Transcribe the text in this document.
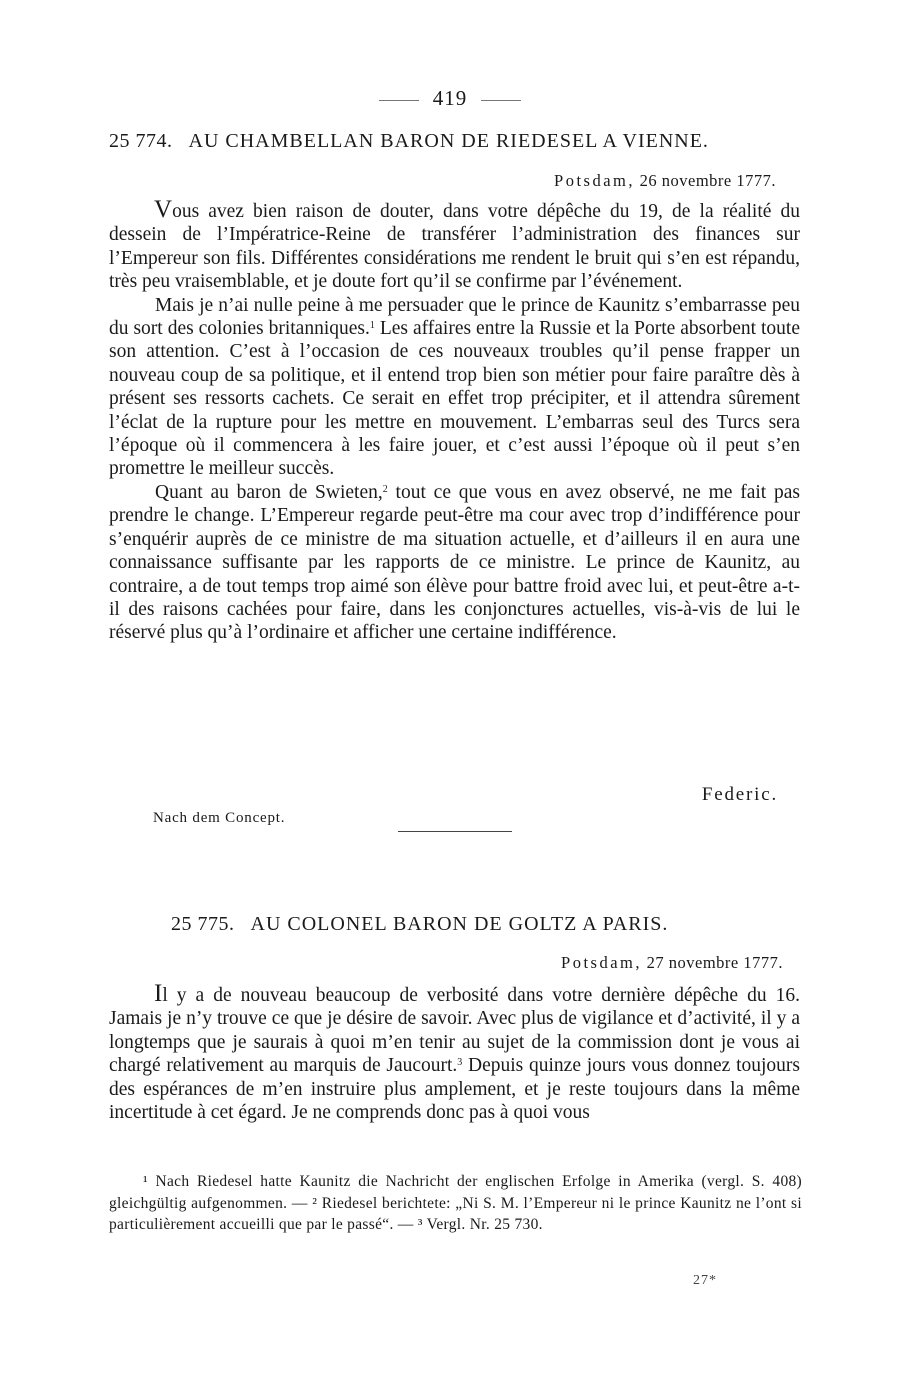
419
25 774. AU CHAMBELLAN BARON DE RIEDESEL A VIENNE.
Potsdam, 26 novembre 1777.

Vous avez bien raison de douter, dans votre dépêche du 19, de la réalité du dessein de l’Impératrice-Reine de transférer l’administration des finances sur l’Empereur son fils. Différentes considérations me rendent le bruit qui s’en est répandu, très peu vraisemblable, et je doute fort qu’il se confirme par l’événement.

Mais je n’ai nulle peine à me persuader que le prince de Kaunitz s’embarrasse peu du sort des colonies britanniques.$^1$ Les affaires entre la Russie et la Porte absorbent toute son attention. C’est à l’occasion de ces nouveaux troubles qu’il pense frapper un nouveau coup de sa politique, et il entend trop bien son métier pour faire paraître dès à présent ses ressorts cachets. Ce serait en effet trop précipiter, et il attendra sûrement l’éclat de la rupture pour les mettre en mouvement. L’embarras seul des Turcs sera l’époque où il commencera à les faire jouer, et c’est aussi l’époque où il peut s’en promettre le meilleur succès.

Quant au baron de Swieten,$^2$ tout ce que vous en avez observé, ne me fait pas prendre le change. L’Empereur regarde peut-être ma cour avec trop d’indifférence pour s’enquérir auprès de ce ministre de ma situation actuelle, et d’ailleurs il en aura une connaissance suffisante par les rapports de ce ministre. Le prince de Kaunitz, au contraire, a de tout temps trop aimé son élève pour battre froid avec lui, et peut-être a-t-il des raisons cachées pour faire, dans les conjonctures actuelles, vis-à-vis de lui le réservé plus qu’à l’ordinaire et afficher une certaine indifférence.

Federic.
Nach dem Concept.
25 775. AU COLONEL BARON DE GOLTZ A PARIS.
Potsdam, 27 novembre 1777.

Il y a de nouveau beaucoup de verbosité dans votre dernière dépêche du 16. Jamais je n’y trouve ce que je désire de savoir. Avec plus de vigilance et d’activité, il y a longtemps que je saurais à quoi m’en tenir au sujet de la commission dont je vous ai chargé relativement au marquis de Jaucourt.$^3$ Depuis quinze jours vous donnez toujours des espérances de m’en instruire plus amplement, et je reste toujours dans la même incertitude à cet égard. Je ne comprends donc pas à quoi vous

¹ Nach Riedesel hatte Kaunitz die Nachricht der englischen Erfolge in Amerika (vergl. S. 408) gleichgültig aufgenommen. — ² Riedesel berichtete: „Ni S. M. l’Empereur ni le prince Kaunitz ne l’ont si particulièrement accueilli que par le passé“. — ³ Vergl. Nr. 25 730.

27*
